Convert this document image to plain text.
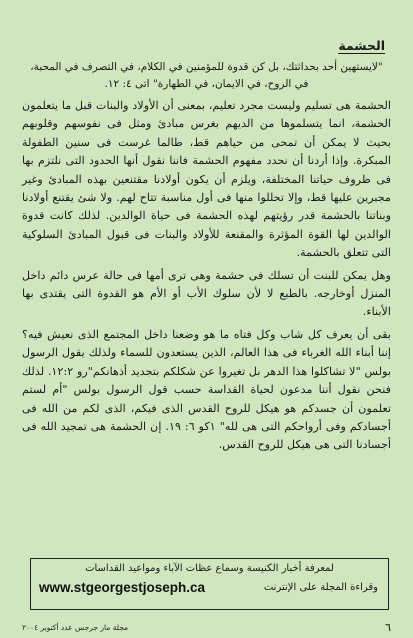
الحشمة
"لايستهين أحد بحداثتك، بل كن قدوة للمؤمنين في الكلام، في التصرف في المحبة،
في الروح، في الايمان، في الطهارة" اتى ٤: ١٢.

الحشمة هى تسليم وليست مجرد تعليم، بمعنى أن الأولاد والبنات قبل ما يتعلمون الحشمة، انما يتسلموها من الديهم بغرس مبادئ ومثل فى نفوسهم وقلوبهم بحيث لا يمكن أن تمحى من حياهم قط، طالما غرست فى سنين الطفولة المبكرة. وإذا أردنا أن نحدد مفهوم الحشمة فاننا نقول أنها الحدود التى نلتزم بها فى ظروف حياتنا المختلفة، ويلزم أن يكون أولادنا مقتنعين بهذه المبادئ وغير مجبرين عليها قط، وإلا تحللوا منها فى أول مناسبة تتاح لهم. ولا شئ يقتنع أولادنا وبناتنا بالحشمة قدر رؤيتهم لهذه الحشمة فى حياة الوالدين. لذلك كانت قدوة الوالدين لها القوة المؤثرة والمقنعة للأولاد والبنات فى قبول المبادئ السلوكية التى تتعلق بالحشمة.

وهل يمكن للبنت أن تسلك فى حشمة وهى ترى أمها فى حالة عرس دائم داخل المنزل أوخارجه. بالطبع لا لأن سلوك الأب أو الأم هو القدوة التى يقتدى بها الأبناء.

بقى أن يعرف كل شاب وكل فتاه ما هو وضعنا داخل المجتمع الذى نعيش فيه؟ إننا أبناء الله الغرباء فى هذا العالم، الذين يستعدون للسماء ولذلك يقول الرسول بولس "لا تشاكلوا هذا الدهر بل تغيروا عن شكلكم بتجديد أذهانكم"رو ١٢:٢. لذلك فنحن نقول أننا مدعون لحياة القداسة حسب قول الرسول بولس "أم لستم تعلمون أن جسدكم هو هيكل للروح القدس الذى فيكم، الذى لكم من الله فى أجسادكم وفى أرواحكم التى هى لله" ١كو ٦: ١٩. إن الحشمة هى تمجيد الله فى أجسادنا التى هى هيكل للروح القدس.

لمعرفة أخبار الكنيسة وسماع عظات الآباء ومواعيد القداسات
وقراءة المجلة على الإنترنت
www.stgeorgestjoseph.ca
٦
مجلة مار جرجس عدد أكتوبر ٢٠٠٤
